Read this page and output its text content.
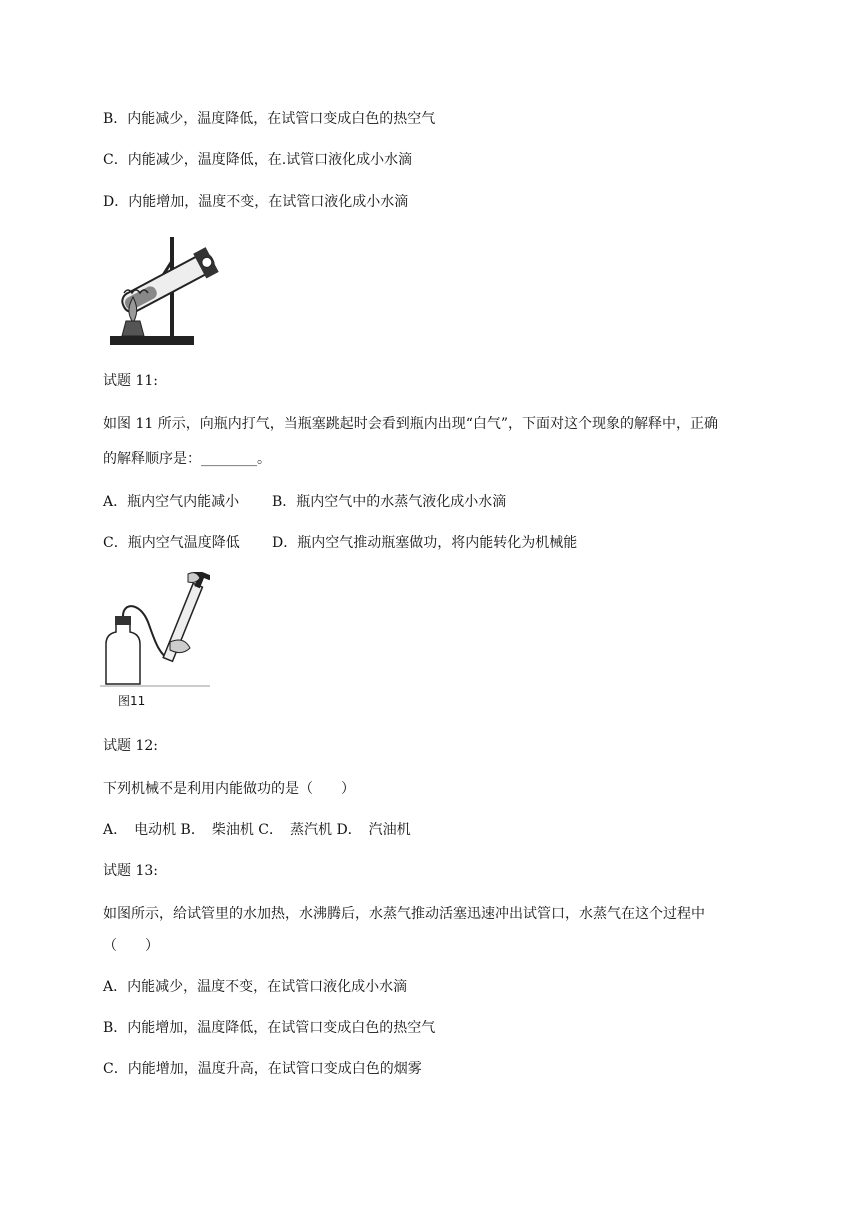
B．内能减少，温度降低，在试管口变成白色的热空气
C．内能减少，温度降低，在.试管口液化成小水滴
D．内能增加，温度不变，在试管口液化成小水滴
试题 11:
如图 11 所示，向瓶内打气，当瓶塞跳起时会看到瓶内出现“白气”，下面对这个现象的解释中，正确
的解释顺序是：________。
A．瓶内空气内能减小 B．瓶内空气中的水蒸气液化成小水滴
C．瓶内空气温度降低 D．瓶内空气推动瓶塞做功，将内能转化为机械能
图11
试题 12:
下列机械不是利用内能做功的是（　　）
A．　电动机 B．　柴油机 C．　蒸汽机 D．　汽油机
试题 13:
如图所示，给试管里的水加热，水沸腾后，水蒸气推动活塞迅速冲出试管口，水蒸气在这个过程中
（　　）
A．内能减少，温度不变，在试管口液化成小水滴
B．内能增加，温度降低，在试管口变成白色的热空气
C．内能增加，温度升高，在试管口变成白色的烟雾
